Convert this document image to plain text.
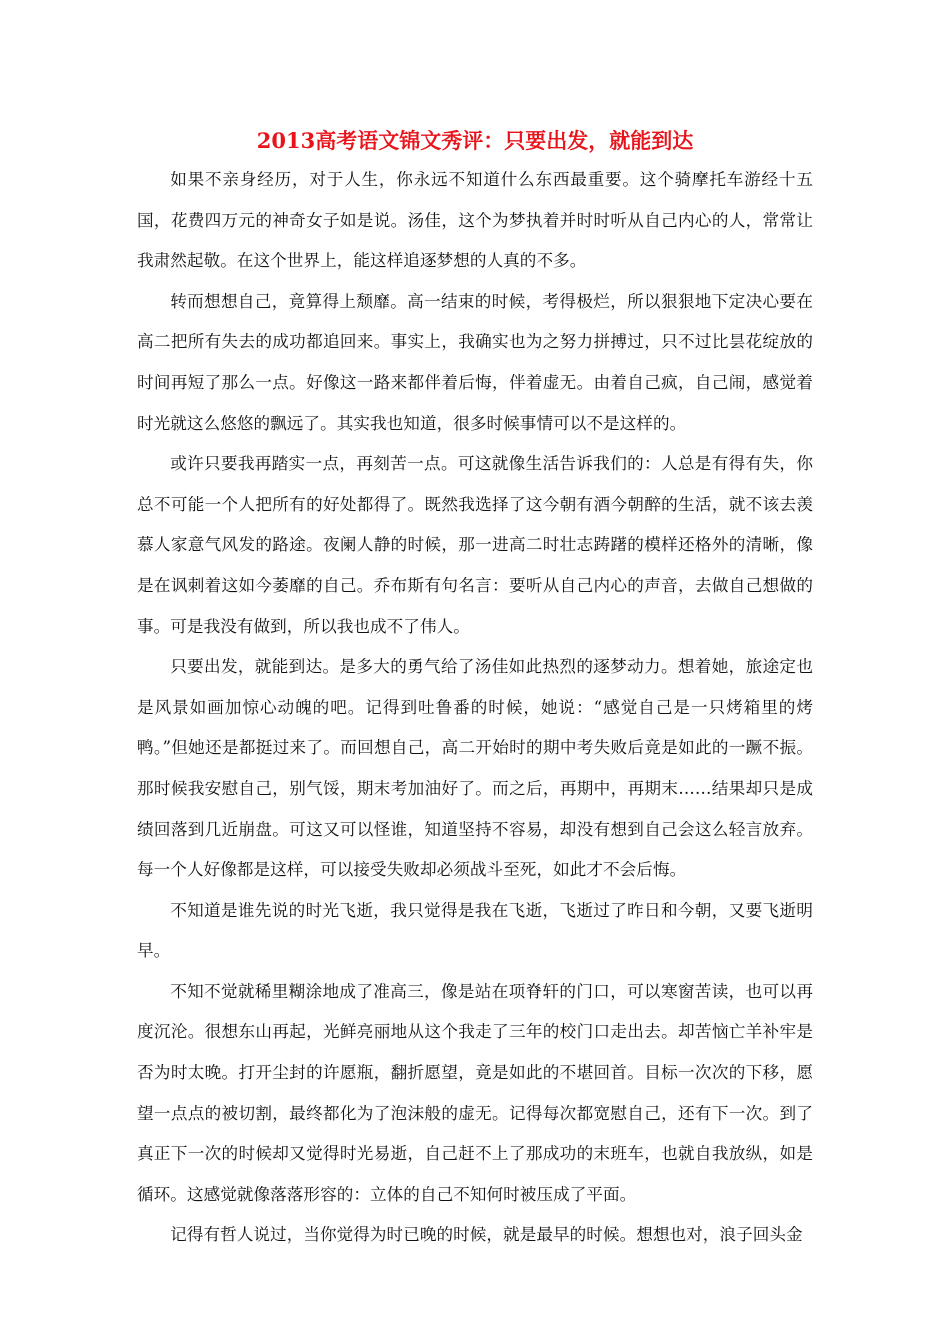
2013高考语文锦文秀评：只要出发，就能到达

如果不亲身经历，对于人生，你永远不知道什么东西最重要。这个骑摩托车游经十五国，花费四万元的神奇女子如是说。汤佳，这个为梦执着并时时听从自己内心的人，常常让我肃然起敬。在这个世界上，能这样追逐梦想的人真的不多。

转而想想自己，竟算得上颓靡。高一结束的时候，考得极烂，所以狠狠地下定决心要在高二把所有失去的成功都追回来。事实上，我确实也为之努力拼搏过，只不过比昙花绽放的时间再短了那么一点。好像这一路来都伴着后悔，伴着虚无。由着自己疯，自己闹，感觉着时光就这么悠悠的飘远了。其实我也知道，很多时候事情可以不是这样的。

或许只要我再踏实一点，再刻苦一点。可这就像生活告诉我们的：人总是有得有失，你总不可能一个人把所有的好处都得了。既然我选择了这今朝有酒今朝醉的生活，就不该去羡慕人家意气风发的路途。夜阑人静的时候，那一进高二时壮志踌躇的模样还格外的清晰，像是在讽刺着这如今萎靡的自己。乔布斯有句名言：要听从自己内心的声音，去做自己想做的事。可是我没有做到，所以我也成不了伟人。

只要出发，就能到达。是多大的勇气给了汤佳如此热烈的逐梦动力。想着她，旅途定也是风景如画加惊心动魄的吧。记得到吐鲁番的时候，她说：“感觉自己是一只烤箱里的烤鸭。”但她还是都挺过来了。而回想自己，高二开始时的期中考失败后竟是如此的一蹶不振。那时候我安慰自己，别气馁，期末考加油好了。而之后，再期中，再期末……结果却只是成绩回落到几近崩盘。可这又可以怪谁，知道坚持不容易，却没有想到自己会这么轻言放弃。每一个人好像都是这样，可以接受失败却必须战斗至死，如此才不会后悔。

不知道是谁先说的时光飞逝，我只觉得是我在飞逝，飞逝过了昨日和今朝，又要飞逝明早。

不知不觉就稀里糊涂地成了准高三，像是站在项脊轩的门口，可以寒窗苦读，也可以再度沉沦。很想东山再起，光鲜亮丽地从这个我走了三年的校门口走出去。却苦恼亡羊补牢是否为时太晚。打开尘封的许愿瓶，翻折愿望，竟是如此的不堪回首。目标一次次的下移，愿望一点点的被切割，最终都化为了泡沫般的虚无。记得每次都宽慰自己，还有下一次。到了真正下一次的时候却又觉得时光易逝，自己赶不上了那成功的末班车，也就自我放纵，如是循环。这感觉就像落落形容的：立体的自己不知何时被压成了平面。

记得有哲人说过，当你觉得为时已晚的时候，就是最早的时候。想想也对，浪子回头金
